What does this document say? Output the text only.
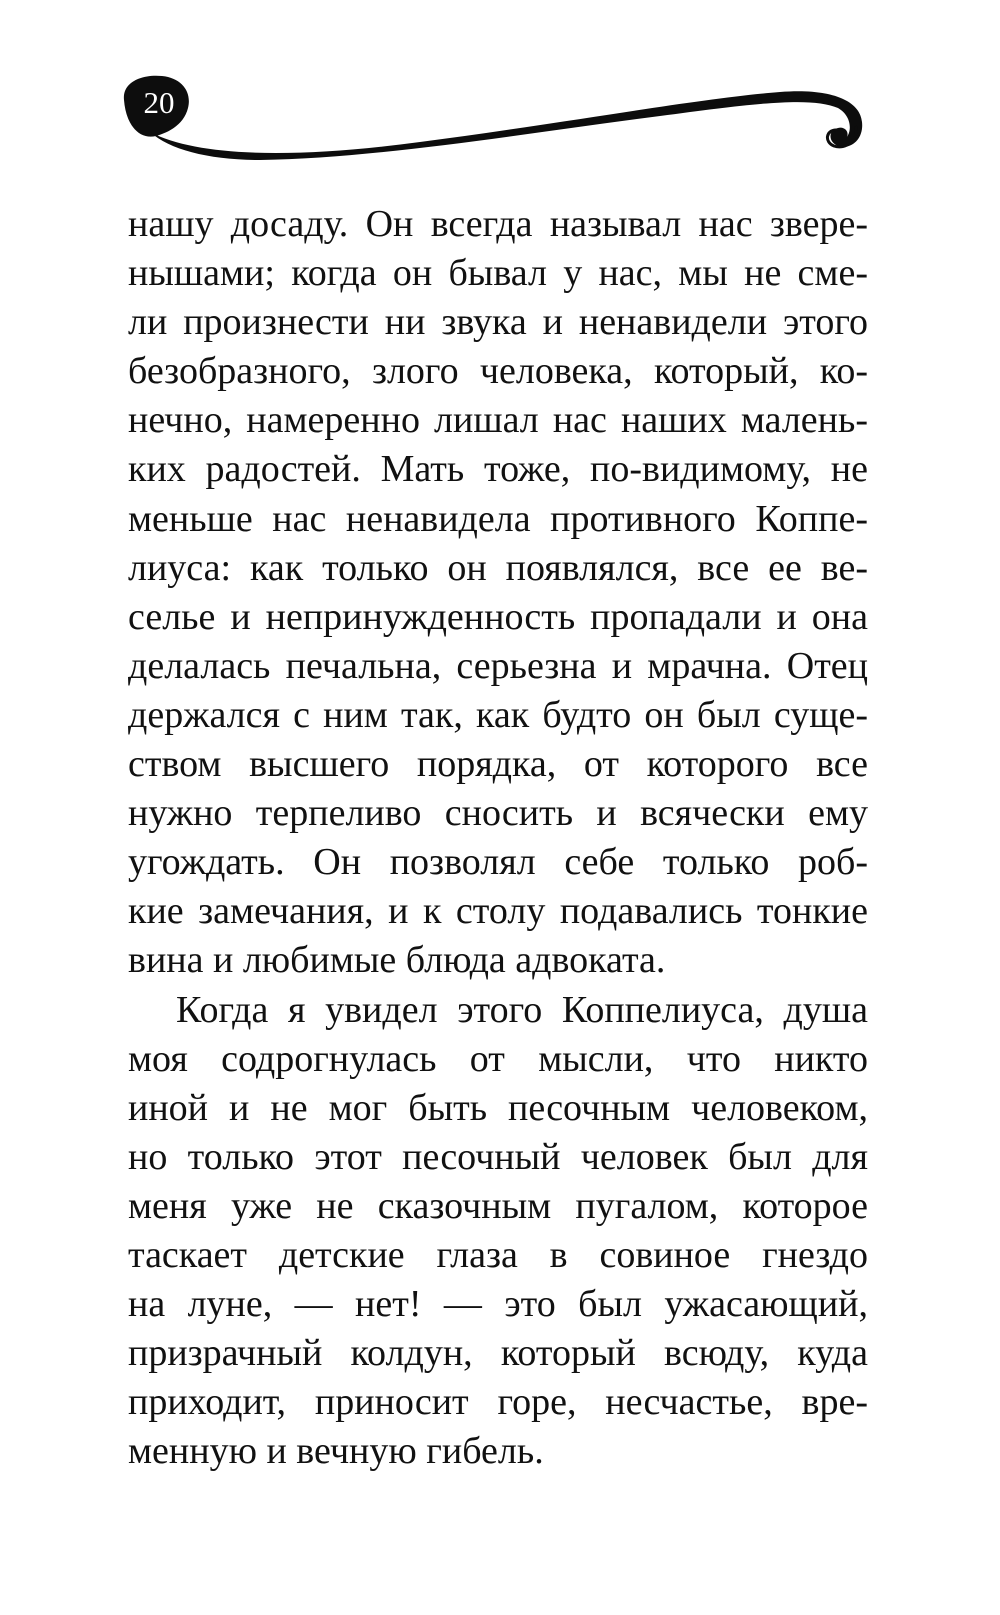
20
нашу досаду. Он всегда называл нас звере-
нышами; когда он бывал у нас, мы не сме-
ли произнести ни звука и ненавидели этого
безобразного, злого человека, который, ко-
нечно, намеренно лишал нас наших малень-
ких радостей. Мать тоже, по-видимому, не
меньше нас ненавидела противного Коппе-
лиуса: как только он появлялся, все ее ве-
селье и непринужденность пропадали и она
делалась печальна, серьезна и мрачна. Отец
держался с ним так, как будто он был суще-
ством высшего порядка, от которого все
нужно терпеливо сносить и всячески ему
угождать. Он позволял себе только роб-
кие замечания, и к столу подавались тонкие
вина и любимые блюда адвоката.
Когда я увидел этого Коппелиуса, душа
моя содрогнулась от мысли, что никто
иной и не мог быть песочным человеком,
но только этот песочный человек был для
меня уже не сказочным пугалом, которое
таскает детские глаза в совиное гнездо
на луне, — нет! — это был ужасающий,
призрачный колдун, который всюду, куда
приходит, приносит горе, несчастье, вре-
менную и вечную гибель.
